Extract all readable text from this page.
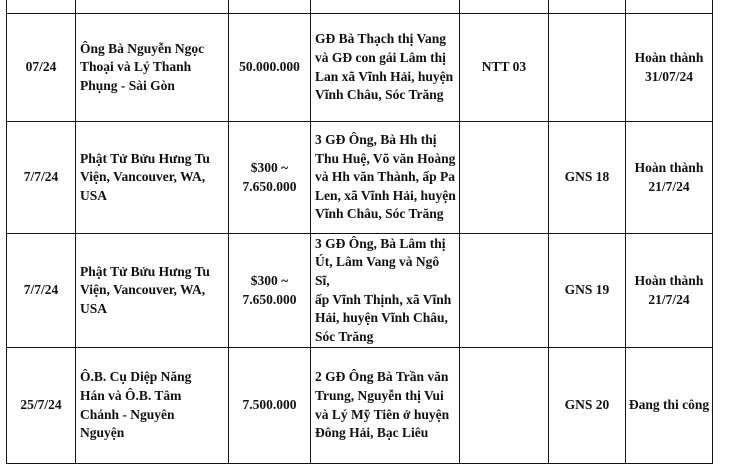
07/24	Ông Bà Nguyễn Ngọc
Thoại và Lý Thanh
Phụng - Sài Gòn	50.000.000	GĐ Bà Thạch thị Vang
và GĐ con gái Lâm thị
Lan xã Vĩnh Hải, huyện
Vĩnh Châu, Sóc Trăng	NTT 03		Hoàn thành
31/07/24

7/7/24	Phật Tử Bửu Hưng Tu
Viện, Vancouver, WA,
USA	$300 ~
7.650.000	3 GĐ Ông, Bà Hh thị
Thu Huệ, Võ văn Hoàng
và Hh văn Thành, ấp Pa
Len, xã Vĩnh Hải, huyện
Vĩnh Châu, Sóc Trăng		GNS 18	Hoàn thành
21/7/24

7/7/24	Phật Tử Bửu Hưng Tu
Viện, Vancouver, WA,
USA	$300 ~
7.650.000	3 GĐ Ông, Bà Lâm thị
Út, Lâm Vang và Ngô Sĩ,
ấp Vĩnh Thịnh, xã Vĩnh
Hải, huyện Vĩnh Châu,
Sóc Trăng		GNS 19	Hoàn thành
21/7/24

25/7/24	Ô.B. Cụ Diệp Năng
Hán và Ô.B. Tâm
Chánh - Nguyên
Nguyện	7.500.000	2 GĐ Ông Bà Trần văn
Trung, Nguyễn thị Vui
và Lý Mỹ Tiên ở huyện
Đông Hải, Bạc Liêu		GNS 20	Đang thi công
